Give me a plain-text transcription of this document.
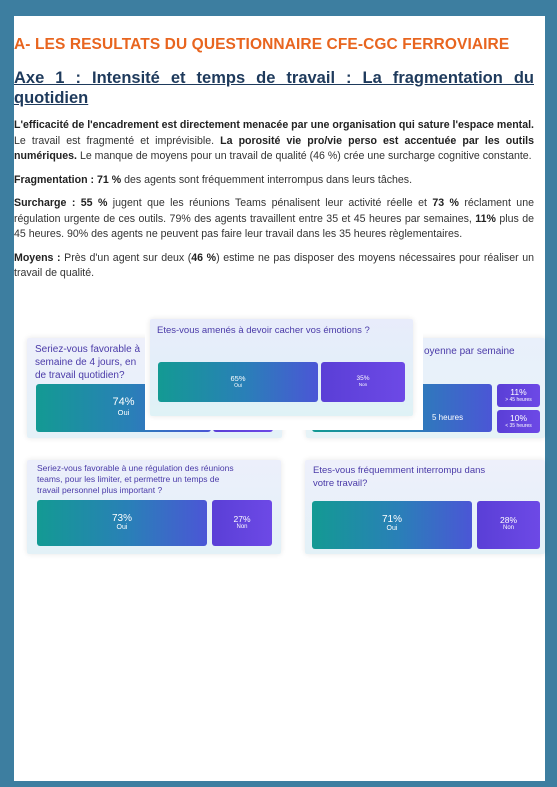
A- LES RESULTATS DU QUESTIONNAIRE CFE-CGC FERROVIAIRE

Axe 1 : Intensité et temps de travail : La fragmentation du quotidien

L'efficacité de l'encadrement est directement menacée par une organisation qui sature l'espace mental. Le travail est fragmenté et imprévisible. La porosité vie pro/vie perso est accentuée par les outils numériques. Le manque de moyens pour un travail de qualité (46 %) crée une surcharge cognitive constante.

Fragmentation : 71 % des agents sont fréquemment interrompus dans leurs tâches.

Surcharge : 55 % jugent que les réunions Teams pénalisent leur activité réelle et 73 % réclament une régulation urgente de ces outils. 79% des agents travaillent entre 35 et 45 heures par semaines, 11% plus de 45 heures. 90% des agents ne peuvent pas faire leur travail dans les 35 heures règlementaires.

Moyens : Près d'un agent sur deux (46 %) estime ne pas disposer des moyens nécessaires pour réaliser un travail de qualité.

Seriez-vous favorable à
semaine de 4 jours, en
de travail quotidien?
74%
Oui
oyenne par semaine
5 heures
11%
> 45 heures
10%
< 35 heures
Etes-vous amenés à devoir cacher vos émotions ?
65%
Oui
35%
Non
Seriez-vous favorable à une régulation des réunions
teams, pour les limiter, et permettre un temps de
travail personnel plus important ?
73%
Oui
27%
Non
Etes-vous fréquemment interrompu dans
votre travail?
71%
Oui
28%
Non
